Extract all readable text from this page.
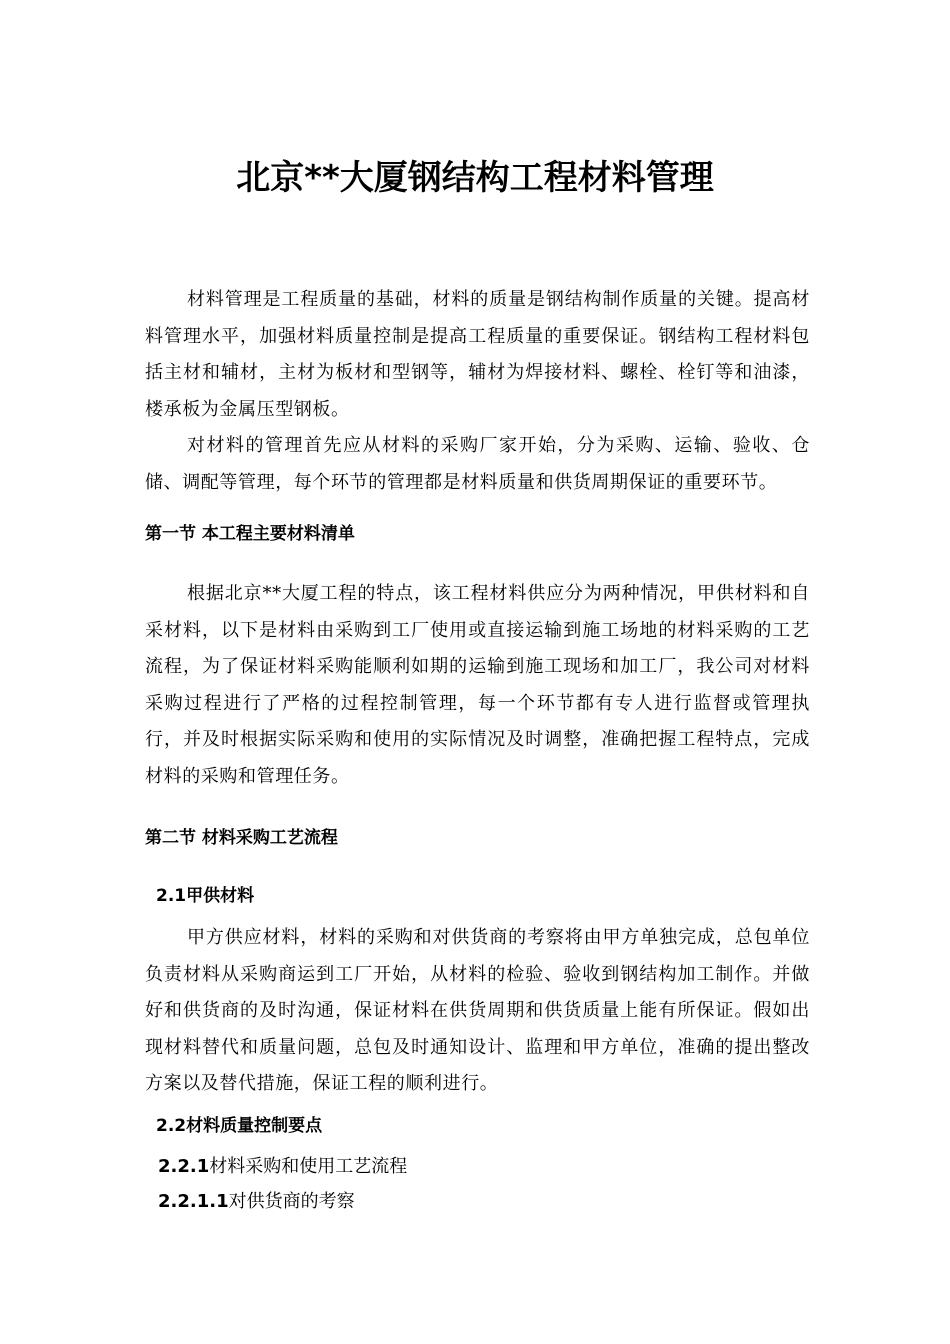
北京**大厦钢结构工程材料管理

材料管理是工程质量的基础，材料的质量是钢结构制作质量的关键。提高材料管理水平，加强材料质量控制是提高工程质量的重要保证。钢结构工程材料包括主材和辅材，主材为板材和型钢等，辅材为焊接材料、螺栓、栓钉等和油漆，楼承板为金属压型钢板。

对材料的管理首先应从材料的采购厂家开始，分为采购、运输、验收、仓储、调配等管理，每个环节的管理都是材料质量和供货周期保证的重要环节。

第一节 本工程主要材料清单

根据北京**大厦工程的特点，该工程材料供应分为两种情况，甲供材料和自采材料，以下是材料由采购到工厂使用或直接运输到施工场地的材料采购的工艺流程，为了保证材料采购能顺利如期的运输到施工现场和加工厂，我公司对材料采购过程进行了严格的过程控制管理，每一个环节都有专人进行监督或管理执行，并及时根据实际采购和使用的实际情况及时调整，准确把握工程特点，完成材料的采购和管理任务。

第二节 材料采购工艺流程
2.1甲供材料

甲方供应材料，材料的采购和对供货商的考察将由甲方单独完成，总包单位负责材料从采购商运到工厂开始，从材料的检验、验收到钢结构加工制作。并做好和供货商的及时沟通，保证材料在供货周期和供货质量上能有所保证。假如出现材料替代和质量问题，总包及时通知设计、监理和甲方单位，准确的提出整改方案以及替代措施，保证工程的顺利进行。

2.2材料质量控制要点
2.2.1材料采购和使用工艺流程
2.2.1.1对供货商的考察
